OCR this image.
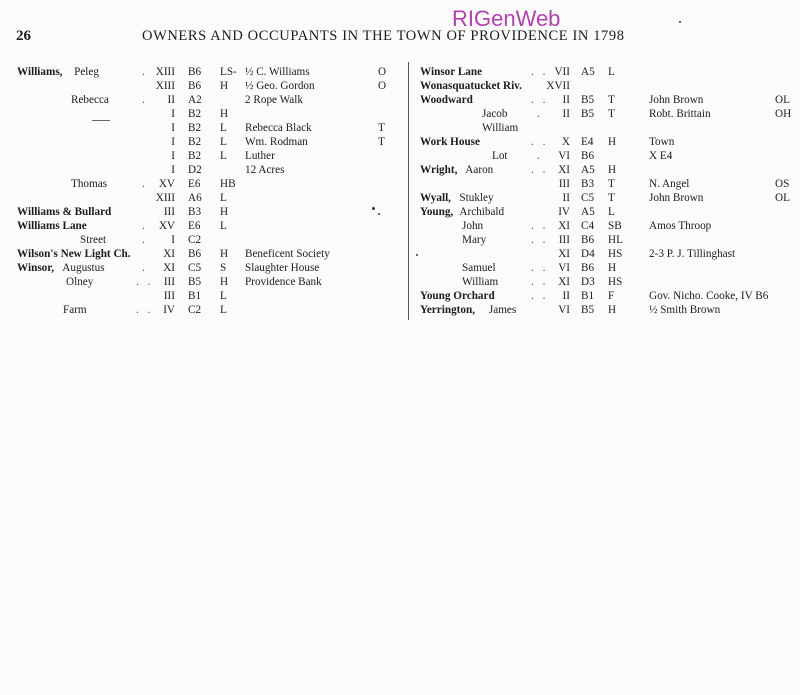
RIGenWeb
26	OWNERS AND OCCUPANTS IN THE TOWN OF PROVIDENCE IN 1798
Williams, Peleg	. XIII B6 LS- ½ C. Williams	O
XIII B6 H ½ Geo. Gordon	O
Rebecca	. II A2	2 Rope Walk
I B2 H
I B2 L Rebecca Black	T
I B2 L Wm. Rodman	T
I B2 L Luther
I D2	12 Acres
Thomas	. XV E6 HB
XIII A6 L
Williams & Bullard	III B3 H
Williams Lane	. XV E6 L
Street	. I C2
Wilson's New Light Ch.	XI B6 H Beneficent Society
Winsor, Augustus	. XI C5 S Slaughter House
Olney	. . III B5 H Providence Bank
III B1 L
Farm	. . IV C2 L
Winsor Lane	. . VII A5 L
Wonasquatucket Riv. XVII
Woodward	. . II B5 T	John Brown	OL
Jacob	. II B5 T	Robt. Brittain	OH
William
Work House	. . X E4 H	Town
Lot	. VI B6	X E4
Wright, Aaron	. . XI A5 H
III B3 T	N. Angel	OS
Wyall, Stukley	II C5 T	John Brown	OL
Young, Archibald	IV A5 L
John	. . XI C4 SB Amos Throop
Mary	. . III B6 HL
XI D4 HS 2-3 P. J. Tillinghast
Samuel	. . VI B6 H
William	. . XI D3 HS
Young Orchard	. . II B1 F	Gov. Nicho. Cooke, IV B6
Yerrington, James	VI B5 H	½ Smith Brown
